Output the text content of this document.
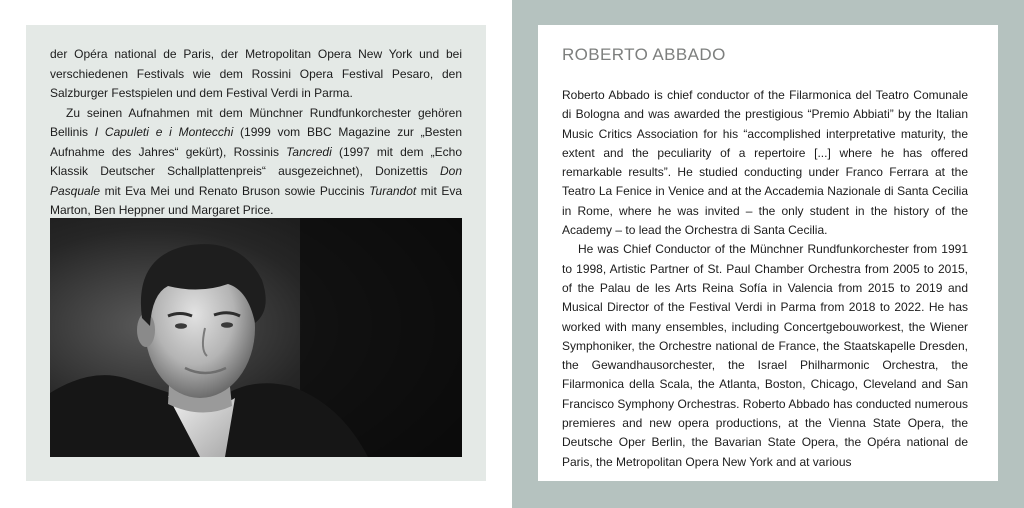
der Opéra national de Paris, der Metropolitan Opera New York und bei verschiedenen Festivals wie dem Rossini Opera Festival Pesaro, den Salzburger Festspielen und dem Festival Verdi in Parma.

Zu seinen Aufnahmen mit dem Münchner Rundfunkorchester gehören Bellinis I Capuleti e i Montecchi (1999 vom BBC Magazine zur „Besten Aufnahme des Jahres“ gekürt), Rossinis Tancredi (1997 mit dem „Echo Klassik Deutscher Schallplattenpreis“ ausgezeichnet), Donizettis Don Pasquale mit Eva Mei und Renato Bruson sowie Puccinis Turandot mit Eva Marton, Ben Heppner und Margaret Price.

ROBERTO ABBADO

Roberto Abbado is chief conductor of the Filarmonica del Teatro Comunale di Bologna and was awarded the prestigious “Premio Abbiati” by the Italian Music Critics Association for his “accomplished interpretative maturity, the extent and the peculiarity of a repertoire [...] where he has offered remarkable results”. He studied conducting under Franco Ferrara at the Teatro La Fenice in Venice and at the Accademia Nazionale di Santa Cecilia in Rome, where he was invited – the only student in the history of the Academy – to lead the Orchestra di Santa Cecilia.

He was Chief Conductor of the Münchner Rundfunkorchester from 1991 to 1998, Artistic Partner of St. Paul Chamber Orchestra from 2005 to 2015, of the Palau de les Arts Reina Sofía in Valencia from 2015 to 2019 and Musical Director of the Festival Verdi in Parma from 2018 to 2022. He has worked with many ensembles, including Concertgebouworkest, the Wiener Symphoniker, the Orchestre national de France, the Staatskapelle Dresden, the Gewandhausorchester, the Israel Philharmonic Orchestra, the Filarmonica della Scala, the Atlanta, Boston, Chicago, Cleveland and San Francisco Symphony Orchestras. Roberto Abbado has conducted numerous premieres and new opera productions, at the Vienna State Opera, the Deutsche Oper Berlin, the Bavarian State Opera, the Opéra national de Paris, the Metropolitan Opera New York and at various
